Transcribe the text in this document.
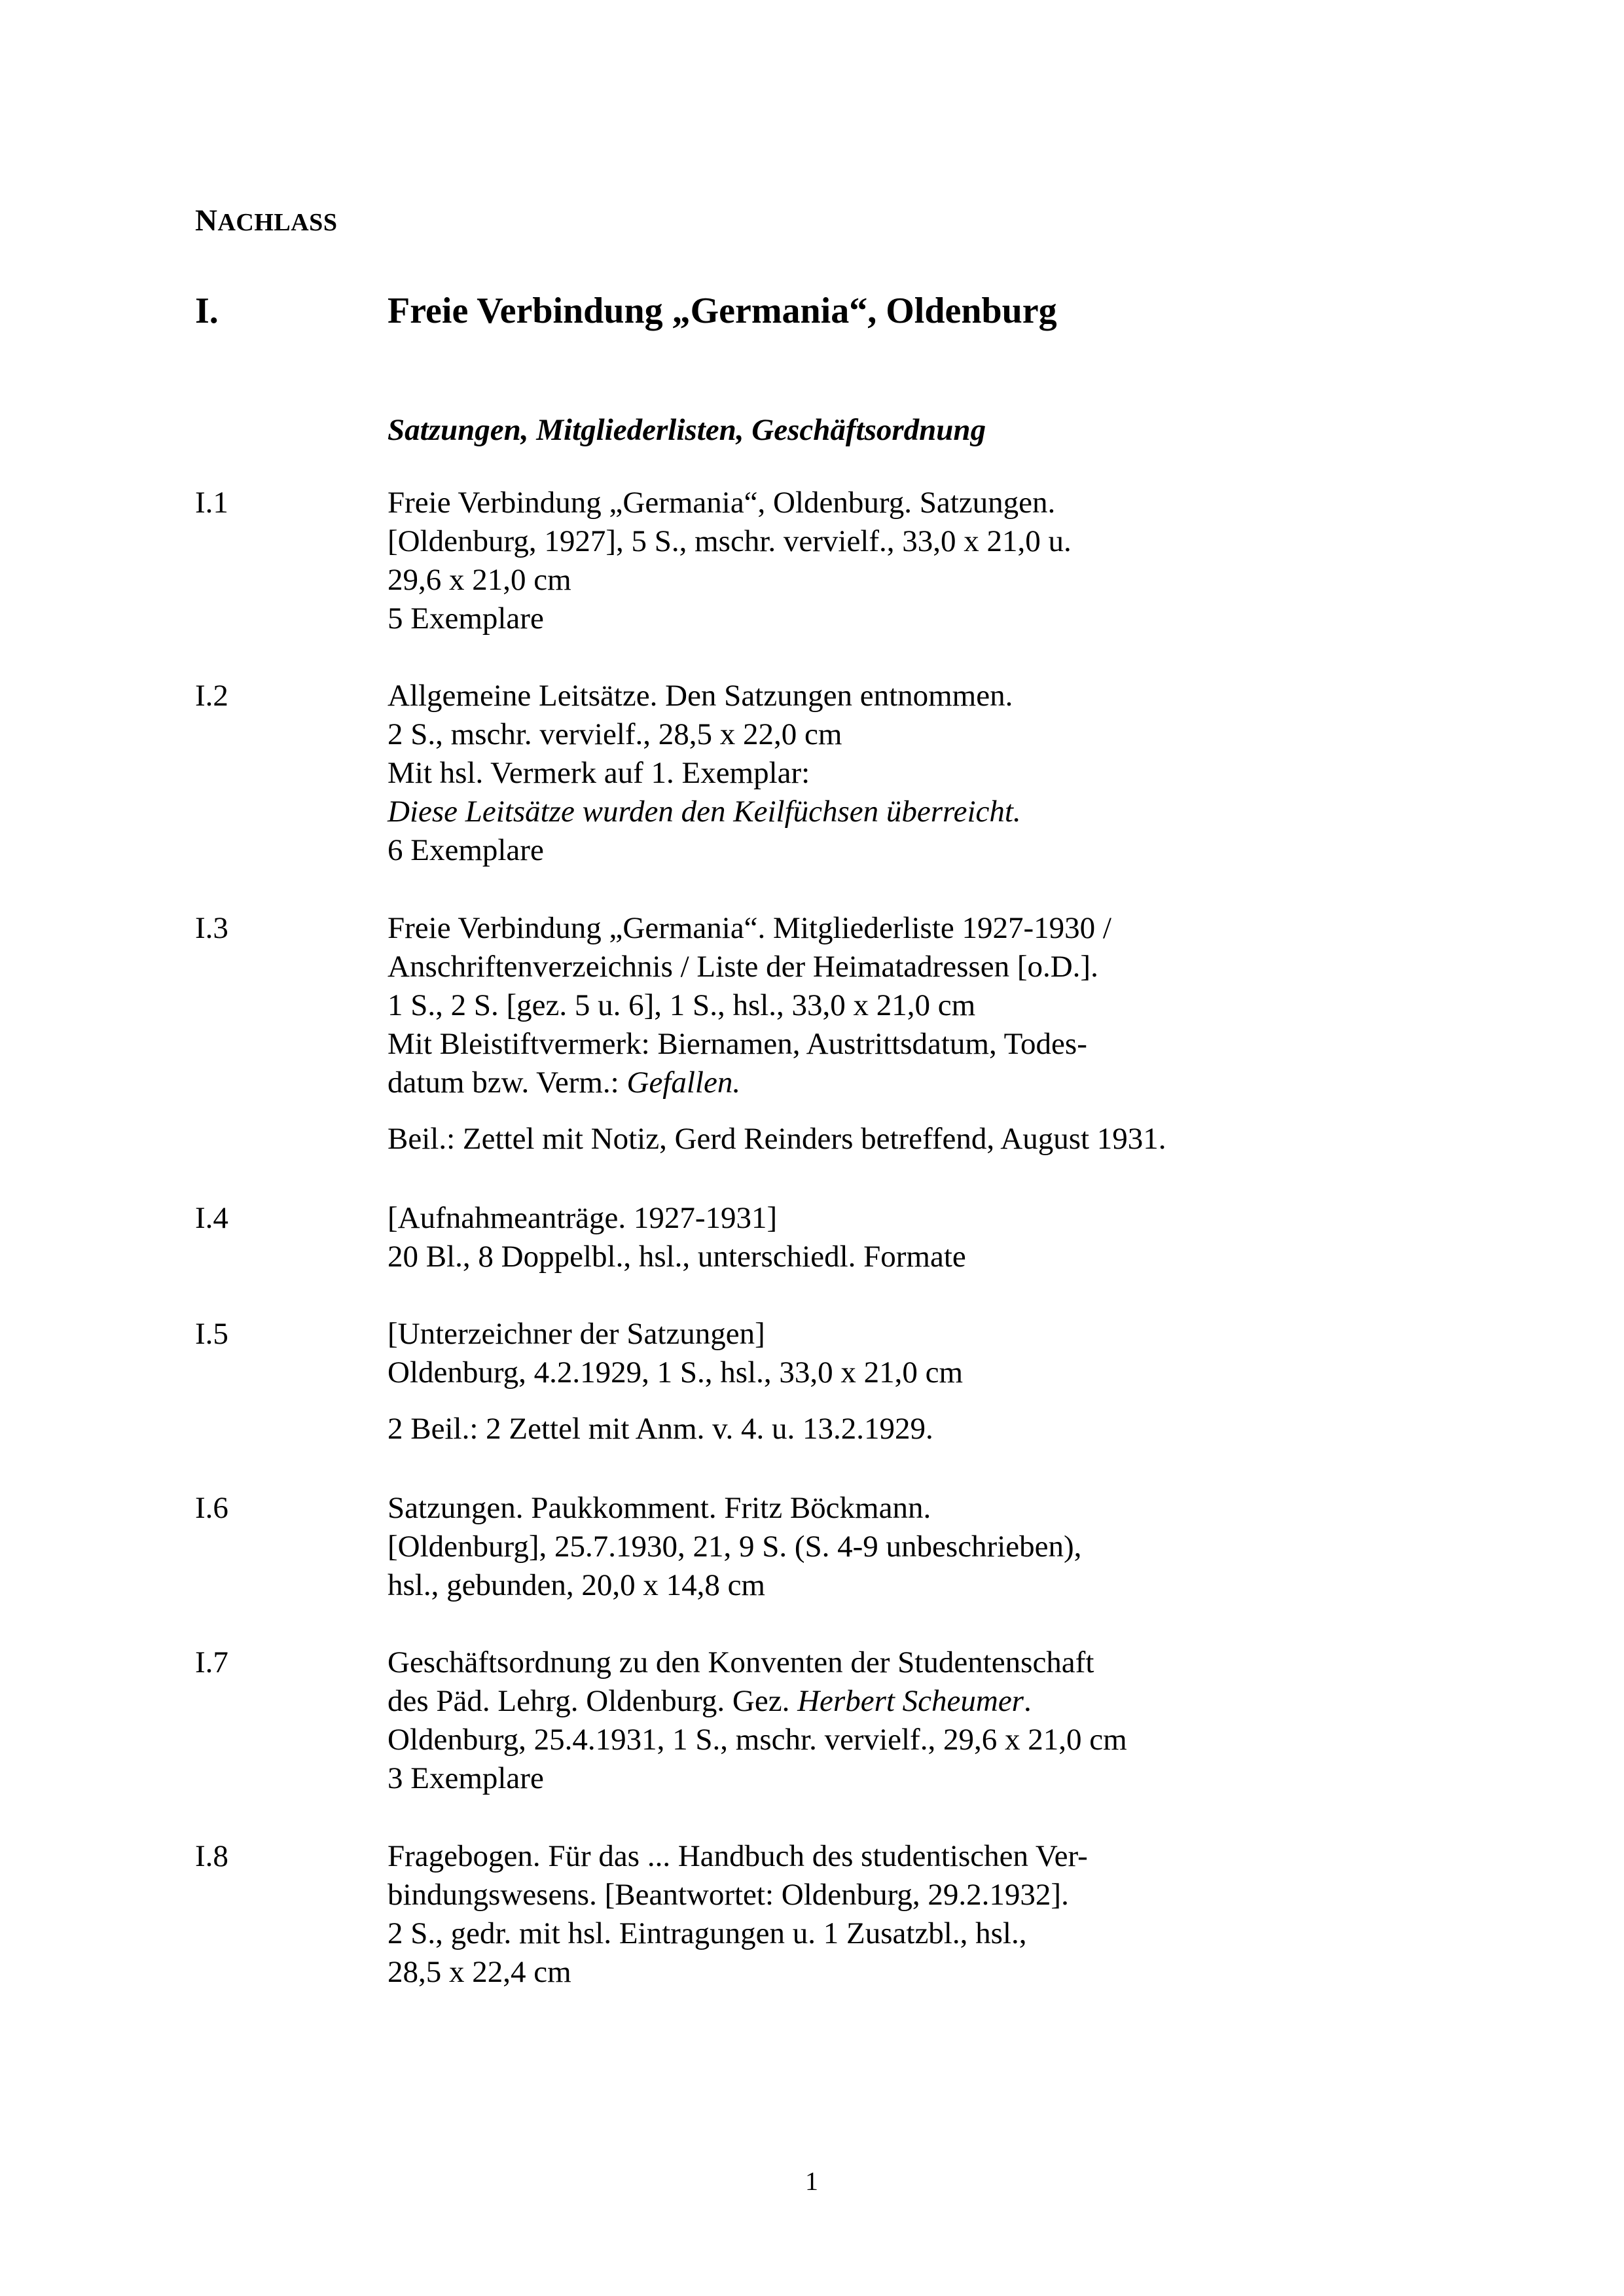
NACHLASS
I.	Freie Verbindung „Germania“, Oldenburg
Satzungen, Mitgliederlisten, Geschäftsordnung
I.1	Freie Verbindung „Germania“, Oldenburg. Satzungen.
[Oldenburg, 1927], 5 S., mschr. vervielf., 33,0 x 21,0 u.
29,6 x 21,0 cm
5 Exemplare
I.2	Allgemeine Leitsätze. Den Satzungen entnommen.
2 S., mschr. vervielf., 28,5 x 22,0 cm
Mit hsl. Vermerk auf 1. Exemplar:
Diese Leitsätze wurden den Keilfüchsen überreicht.
6 Exemplare
I.3	Freie Verbindung „Germania“. Mitgliederliste 1927-1930 /
Anschriftenverzeichnis / Liste der Heimatadressen [o.D.].
1 S., 2 S. [gez. 5 u. 6], 1 S., hsl., 33,0 x 21,0 cm
Mit Bleistiftvermerk: Biernamen, Austrittsdatum, Todes-
datum bzw. Verm.: Gefallen.
Beil.: Zettel mit Notiz, Gerd Reinders betreffend, August 1931.
I.4	[Aufnahmeanträge. 1927-1931]
20 Bl., 8 Doppelbl., hsl., unterschiedl. Formate
I.5	[Unterzeichner der Satzungen]
Oldenburg, 4.2.1929, 1 S., hsl., 33,0 x 21,0 cm
2 Beil.: 2 Zettel mit Anm. v. 4. u. 13.2.1929.
I.6	Satzungen. Paukkomment. Fritz Böckmann.
[Oldenburg], 25.7.1930, 21, 9 S. (S. 4-9 unbeschrieben),
hsl., gebunden, 20,0 x 14,8 cm
I.7	Geschäftsordnung zu den Konventen der Studentenschaft
des Päd. Lehrg. Oldenburg. Gez. Herbert Scheumer.
Oldenburg, 25.4.1931, 1 S., mschr. vervielf., 29,6 x 21,0 cm
3 Exemplare
I.8	Fragebogen. Für das ... Handbuch des studentischen Ver-
bindungswesens. [Beantwortet: Oldenburg, 29.2.1932].
2 S., gedr. mit hsl. Eintragungen u. 1 Zusatzbl., hsl.,
28,5 x 22,4 cm
1
